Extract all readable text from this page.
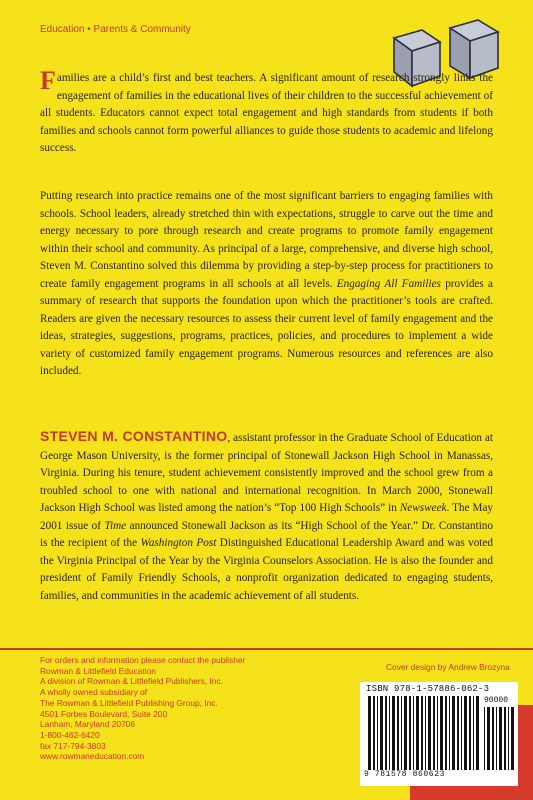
Education • Parents & Community

Families are a child’s first and best teachers. A significant amount of research strongly links the engagement of families in the educational lives of their children to the successful achievement of all students. Educators cannot expect total engagement and high standards from students if both families and schools cannot form powerful alliances to guide those students to academic and lifelong success.

Putting research into practice remains one of the most significant barriers to engaging families with schools. School leaders, already stretched thin with expectations, struggle to carve out the time and energy necessary to pore through research and create programs to promote family engagement within their school and community. As principal of a large, comprehensive, and diverse high school, Steven M. Constantino solved this dilemma by providing a step-by-step process for practitioners to create family engagement programs in all schools at all levels. Engaging All Families provides a summary of research that supports the foundation upon which the practitioner’s tools are crafted. Readers are given the necessary resources to assess their current level of family engagement and the ideas, strategies, suggestions, programs, practices, policies, and procedures to implement a wide variety of customized family engagement programs. Numerous resources and references are also included.

STEVEN M. CONSTANTINO, assistant professor in the Graduate School of Education at George Mason University, is the former principal of Stonewall Jackson High School in Manassas, Virginia. During his tenure, student achievement consistently improved and the school grew from a troubled school to one with national and international recognition. In March 2000, Stonewall Jackson High School was listed among the nation’s “Top 100 High Schools” in Newsweek. The May 2001 issue of Time announced Stonewall Jackson as its “High School of the Year.” Dr. Constantino is the recipient of the Washington Post Distinguished Educational Leadership Award and was voted the Virginia Principal of the Year by the Virginia Counselors Association. He is also the founder and president of Family Friendly Schools, a nonprofit organization dedicated to engaging students, families, and communities in the academic achievement of all students.

For orders and information please contact the publisher
Rowman & Littlefield Education
A division of Rowman & Littlefield Publishers, Inc.
A wholly owned subsidiary of
The Rowman & Littlefield Publishing Group, Inc.
4501 Forbes Boulevard, Suite 200
Lanham, Maryland 20706
1-800-462-6420
fax 717-794-3803
www.rowmaneducation.com
Cover design by Andrew Brozyna
ISBN 978-1-57886-062-3
90000
9 781578 860623
